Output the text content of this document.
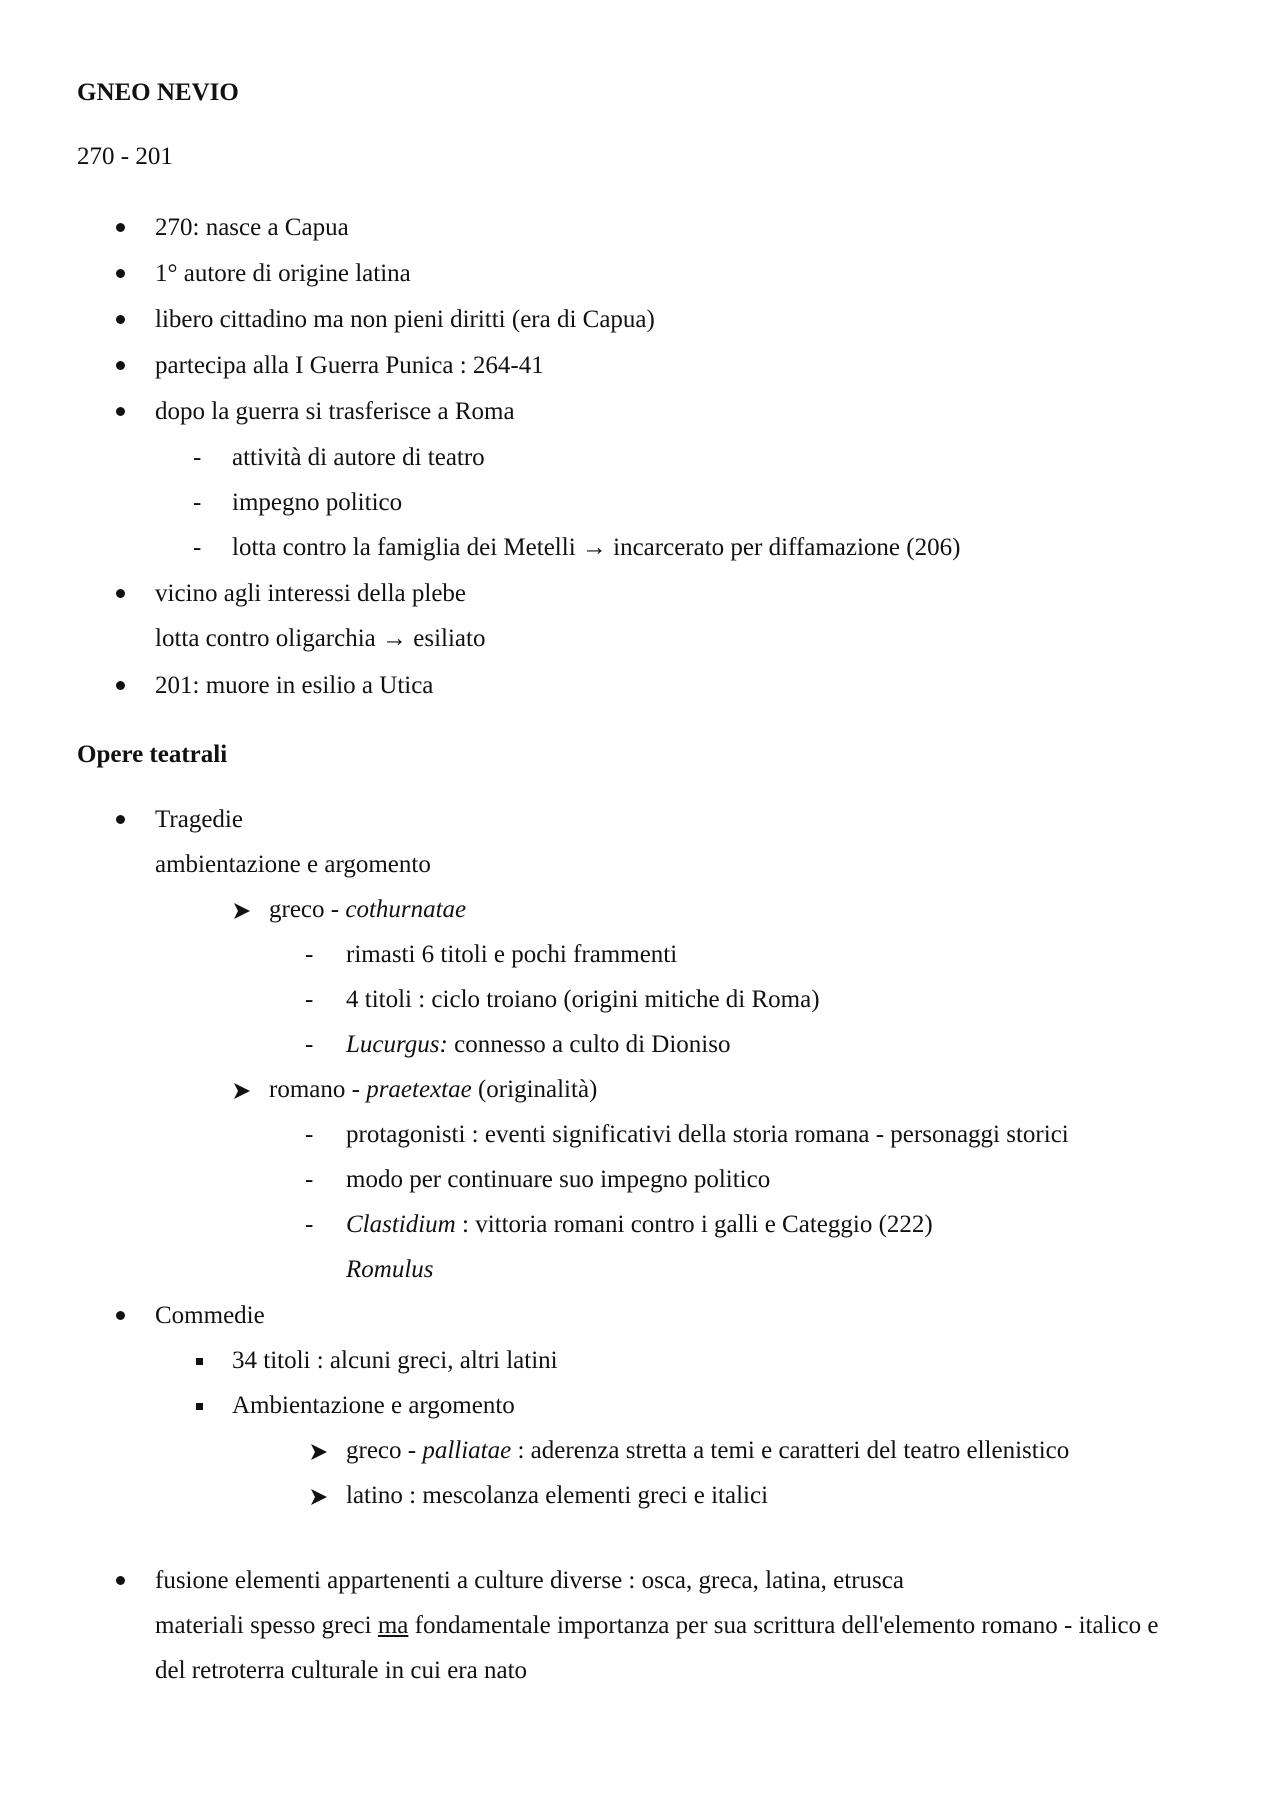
GNEO NEVIO
270 - 201
270: nasce a Capua
1° autore di origine latina
libero cittadino ma non pieni diritti (era di Capua)
partecipa alla I Guerra Punica : 264-41
dopo la guerra si trasferisce a Roma
- attività di autore di teatro
- impegno politico
- lotta contro la famiglia dei Metelli → incarcerato per diffamazione (206)
vicino agli interessi della plebe
lotta contro oligarchia → esiliato
201: muore in esilio a Utica
Opere teatrali
Tragedie
ambientazione e argomento
greco - cothurnatae
- rimasti 6 titoli e pochi frammenti
- 4 titoli : ciclo troiano (origini mitiche di Roma)
- Lucurgus: connesso a culto di Dioniso
romano - praetextae (originalità)
- protagonisti : eventi significativi della storia romana - personaggi storici
- modo per continuare suo impegno politico
- Clastidium : vittoria romani contro i galli e Categgio (222)
Romulus
Commedie
34 titoli : alcuni greci, altri latini
Ambientazione e argomento
greco - palliatae : aderenza stretta a temi e caratteri del teatro ellenistico
latino : mescolanza elementi greci e italici
fusione elementi appartenenti a culture diverse : osca, greca, latina, etrusca
materiali spesso greci ma fondamentale importanza per sua scrittura dell'elemento romano - italico e
del retroterra culturale in cui era nato
